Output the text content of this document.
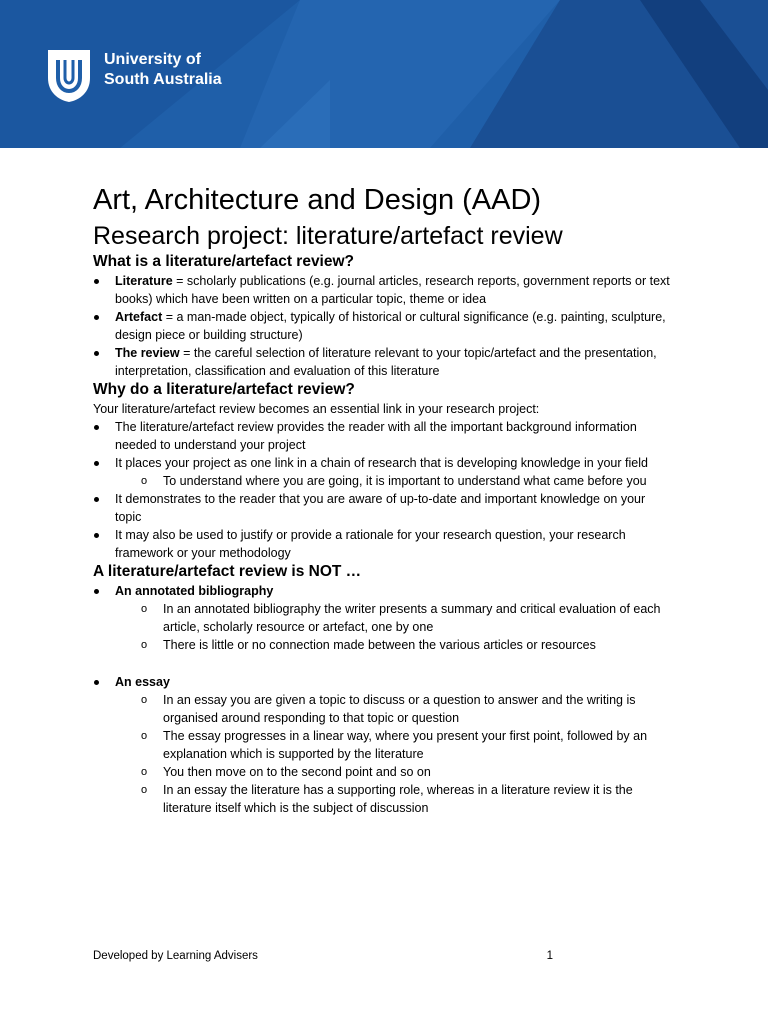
University of
South Australia
Art, Architecture and Design (AAD)
Research project: literature/artefact review
What is a literature/artefact review?
Literature = scholarly publications (e.g. journal articles, research reports, government reports or text books) which have been written on a particular topic, theme or idea
Artefact = a man-made object, typically of historical or cultural significance (e.g. painting, sculpture, design piece or building structure)
The review = the careful selection of literature relevant to your topic/artefact and the presentation, interpretation, classification and evaluation of this literature
Why do a literature/artefact review?

Your literature/artefact review becomes an essential link in your research project:

The literature/artefact review provides the reader with all the important background information needed to understand your project
It places your project as one link in a chain of research that is developing knowledge in your field
o To understand where you are going, it is important to understand what came before you
It demonstrates to the reader that you are aware of up-to-date and important knowledge on your topic
It may also be used to justify or provide a rationale for your research question, your research framework or your methodology
A literature/artefact review is NOT …
An annotated bibliography
o In an annotated bibliography the writer presents a summary and critical evaluation of each article, scholarly resource or artefact, one by one
o There is little or no connection made between the various articles or resources
An essay
o In an essay you are given a topic to discuss or a question to answer and the writing is organised around responding to that topic or question
o The essay progresses in a linear way, where you present your first point, followed by an explanation which is supported by the literature
o You then move on to the second point and so on
o In an essay the literature has a supporting role, whereas in a literature review it is the literature itself which is the subject of discussion
Developed by Learning Advisers	1
